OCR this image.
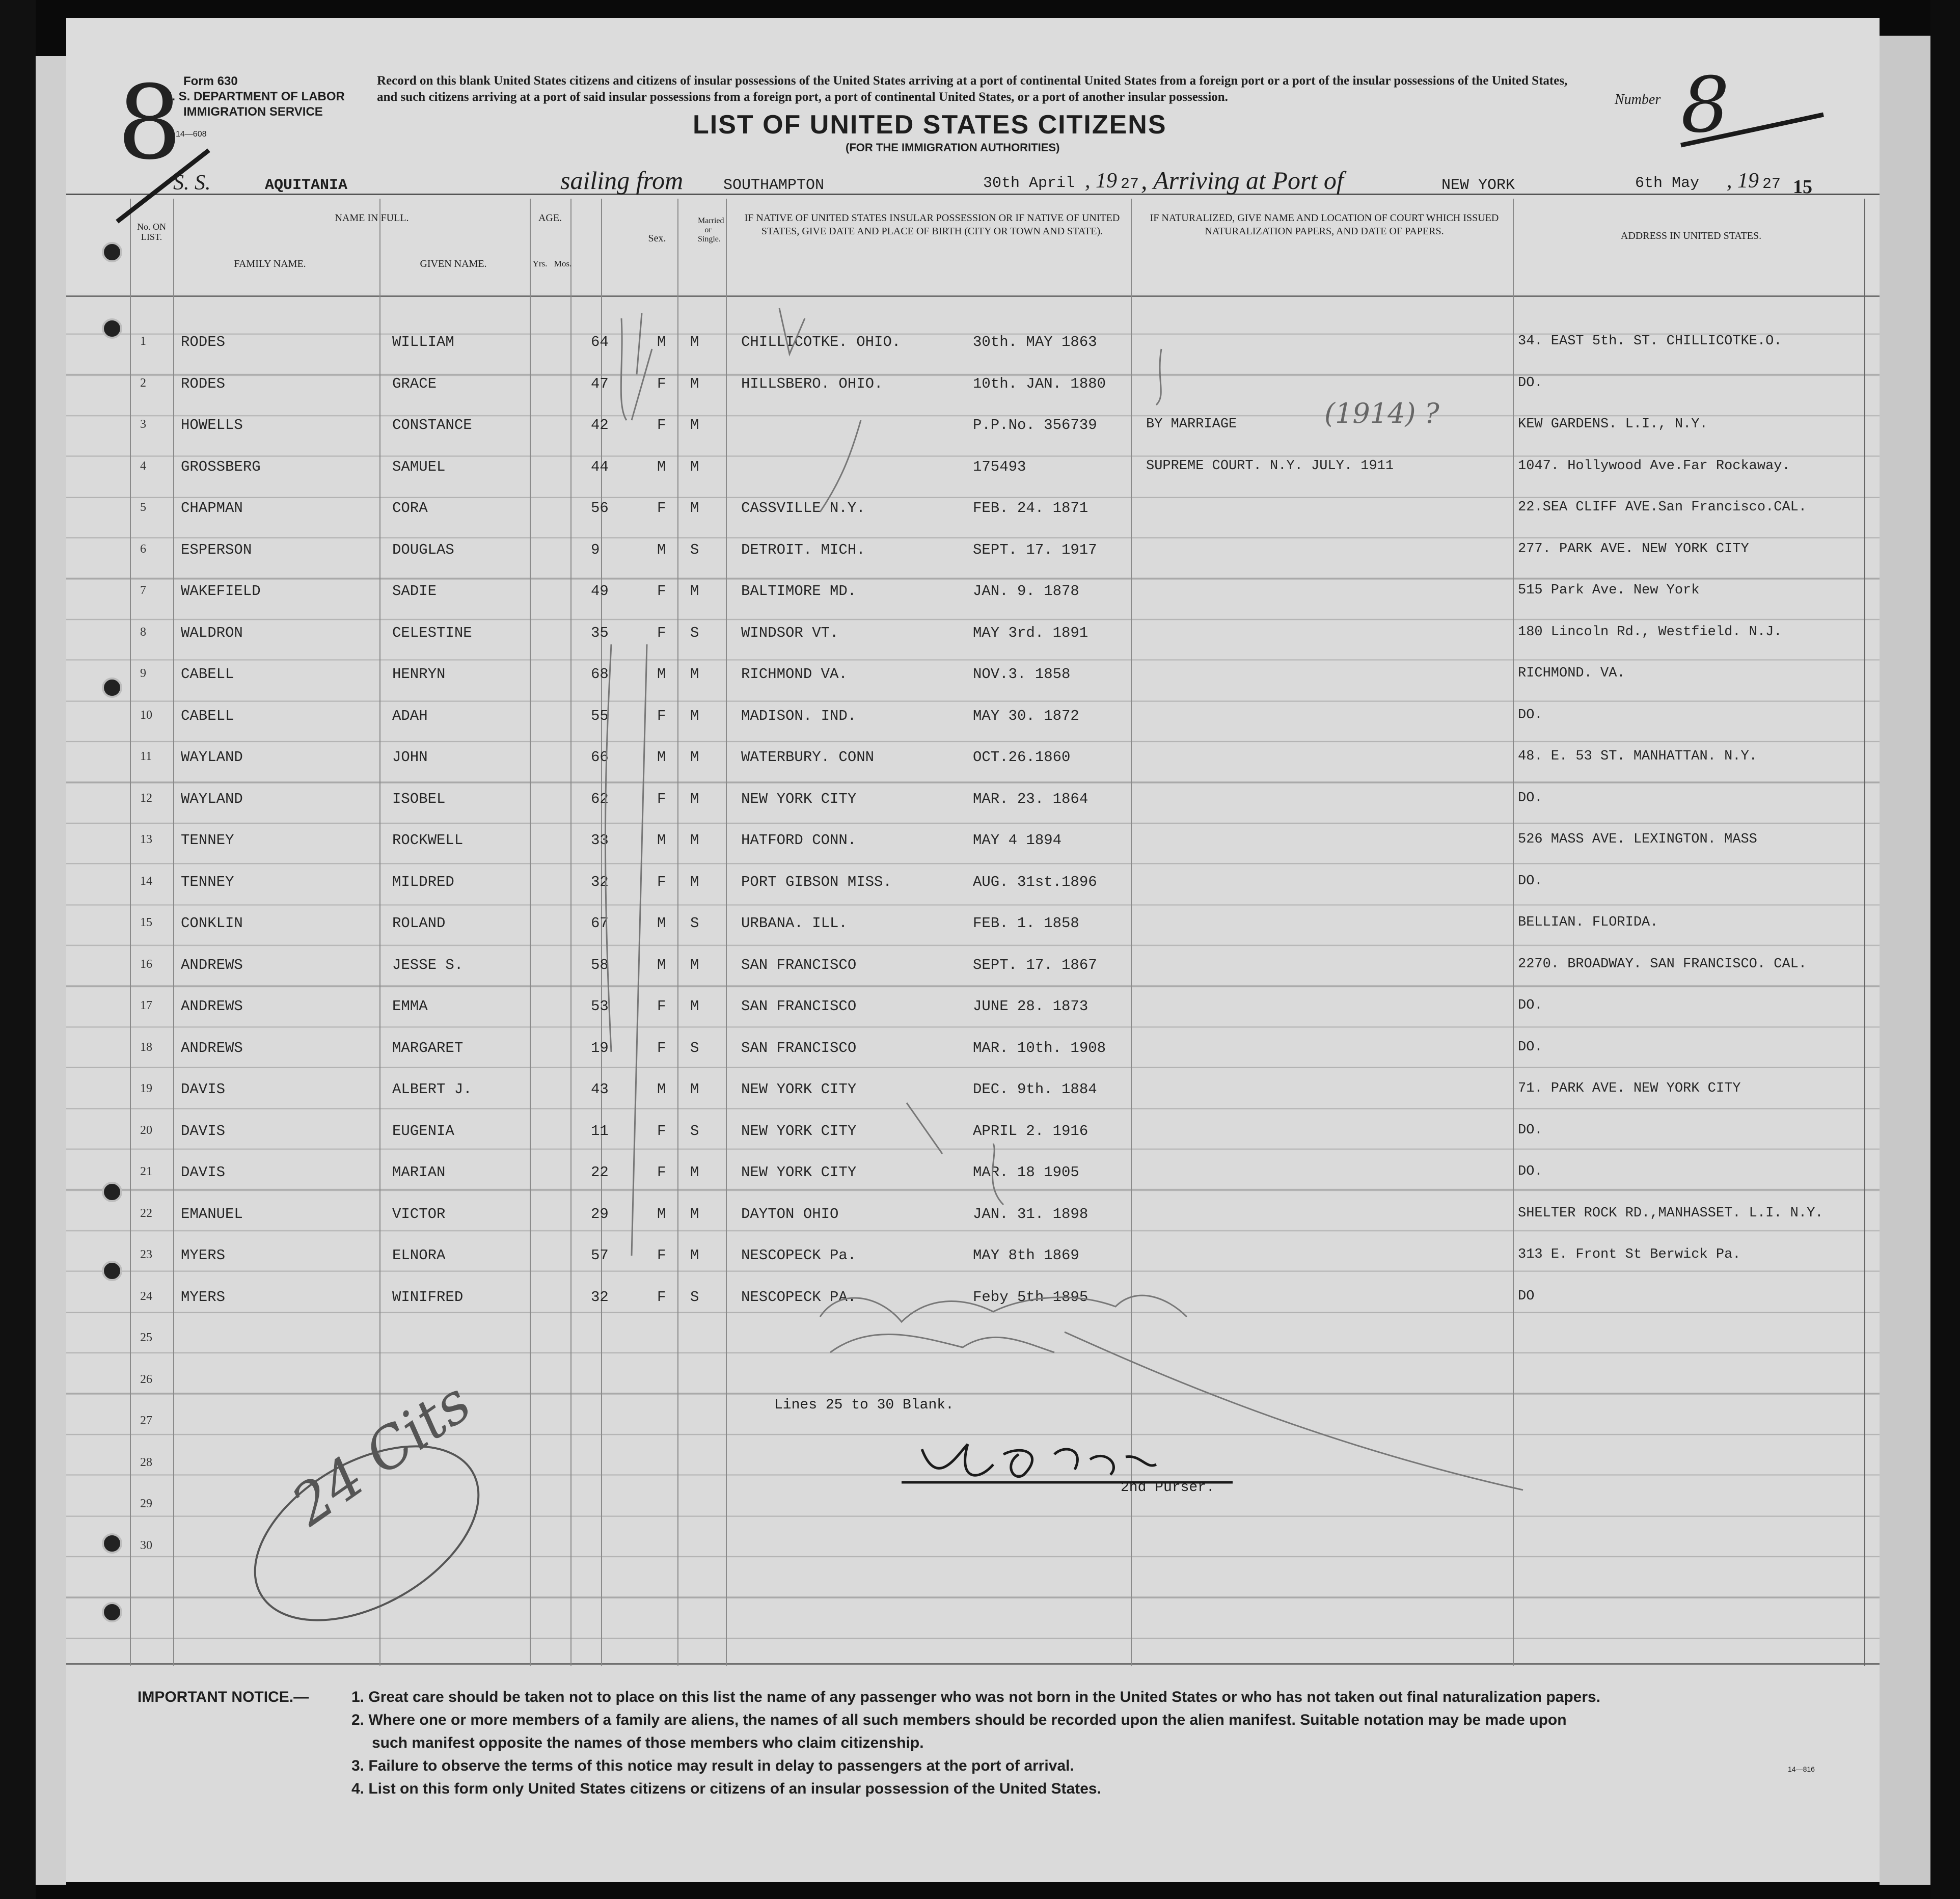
Form 630
U. S. DEPARTMENT OF LABOR
IMMIGRATION SERVICE
14—608
Record on this blank United States citizens and citizens of insular possessions of the United States arriving at a port of continental United States from a foreign port or a port of the insular possessions of the United States, and such citizens arriving at a port of said insular possessions from a foreign port, a port of continental United States, or a port of another insular possession.
LIST OF UNITED STATES CITIZENS
(FOR THE IMMIGRATION AUTHORITIES)
Number 8
8
S. S.	AQUITANIA	sailing from	SOUTHAMPTON	30th April , 19 27 , Arriving at Port of	NEW YORK	6th May , 19 27 15
No. ON LIST.
NAME IN FULL.
FAMILY NAME.	GIVEN NAME.
AGE.
Yrs. Mos.
Sex.
Married or Single.
IF NATIVE OF UNITED STATES INSULAR POSSESSION OR IF NATIVE OF UNITED STATES, GIVE DATE AND PLACE OF BIRTH (CITY OR TOWN AND STATE).
IF NATURALIZED, GIVE NAME AND LOCATION OF COURT WHICH ISSUED NATURALIZATION PAPERS, AND DATE OF PAPERS.	ADDRESS IN UNITED STATES.
1 RODES	WILLIAM	64	M M	CHILLICOTKE. OHIO.	30th. MAY 1863	34. EAST 5th. ST. CHILLICOTKE.O.
2 RODES	GRACE	47	F M	HILLSBERO. OHIO.	10th. JAN. 1880	DO.
3 HOWELLS	CONSTANCE	42	F M	P.P.No. 356739	BY MARRIAGE	KEW GARDENS. L.I., N.Y.
4 GROSSBERG	SAMUEL	44	M M	175493	SUPREME COURT. N.Y. JULY. 1911	1047. Hollywood Ave.Far Rockaway.
5 CHAPMAN	CORA	56	F M	CASSVILLE N.Y.	FEB. 24. 1871	22.SEA CLIFF AVE.San Francisco.CAL.
6 ESPERSON	DOUGLAS	9	M S	DETROIT. MICH.	SEPT. 17. 1917	277. PARK AVE. NEW YORK CITY
7 WAKEFIELD	SADIE	49	F M	BALTIMORE MD.	JAN. 9. 1878	515 Park Ave. New York
8 WALDRON	CELESTINE	35	F S	WINDSOR VT.	MAY 3rd. 1891	180 Lincoln Rd., Westfield. N.J.
9 CABELL	HENRYN	68	M M	RICHMOND VA.	NOV.3. 1858	RICHMOND. VA.
10 CABELL	ADAH	55	F M	MADISON. IND.	MAY 30. 1872	DO.
11 WAYLAND	JOHN	66	M M	WATERBURY. CONN	OCT.26.1860	48. E. 53 ST. MANHATTAN. N.Y.
12 WAYLAND	ISOBEL	62	F M	NEW YORK CITY	MAR. 23. 1864	DO.
13 TENNEY	ROCKWELL	33	M M	HATFORD CONN.	MAY 4 1894	526 MASS AVE. LEXINGTON. MASS
14 TENNEY	MILDRED	32	F M	PORT GIBSON MISS.	AUG. 31st.1896	DO.
15 CONKLIN	ROLAND	67	M S	URBANA. ILL.	FEB. 1. 1858	BELLIAN. FLORIDA.
16 ANDREWS	JESSE S.	58	M M	SAN FRANCISCO	SEPT. 17. 1867	2270. BROADWAY. SAN FRANCISCO. CAL.
17 ANDREWS	EMMA	53	F M	SAN FRANCISCO	JUNE 28. 1873	DO.
18 ANDREWS	MARGARET	19	F S	SAN FRANCISCO	MAR. 10th. 1908	DO.
19 DAVIS	ALBERT J.	43	M M	NEW YORK CITY	DEC. 9th. 1884	71. PARK AVE. NEW YORK CITY
20 DAVIS	EUGENIA	11	F S	NEW YORK CITY	APRIL 2. 1916	DO.
21 DAVIS	MARIAN	22	F M	NEW YORK CITY	MAR. 18 1905	DO.
22 EMANUEL	VICTOR	29	M M	DAYTON OHIO	JAN. 31. 1898	SHELTER ROCK RD.,MANHASSET. L.I. N.Y.
23 MYERS	ELNORA	57	F M	NESCOPECK Pa.	MAY 8th 1869	313 E. Front St Berwick Pa.
24 MYERS	WINIFRED	32	F S	NESCOPECK PA.	Feby 5th 1895	DO
25
26
27
28
29
30
Lines 25 to 30 Blank.
2nd Purser.
24 Cits
(1914) ?
IMPORTANT NOTICE.—	1. Great care should be taken not to place on this list the name of any passenger who was not born in the United States or who has not taken out final naturalization papers.
2. Where one or more members of a family are aliens, the names of all such members should be recorded upon the alien manifest. Suitable notation may be made upon
such manifest opposite the names of those members who claim citizenship.
3. Failure to observe the terms of this notice may result in delay to passengers at the port of arrival.
4. List on this form only United States citizens or citizens of an insular possession of the United States.
14—816
